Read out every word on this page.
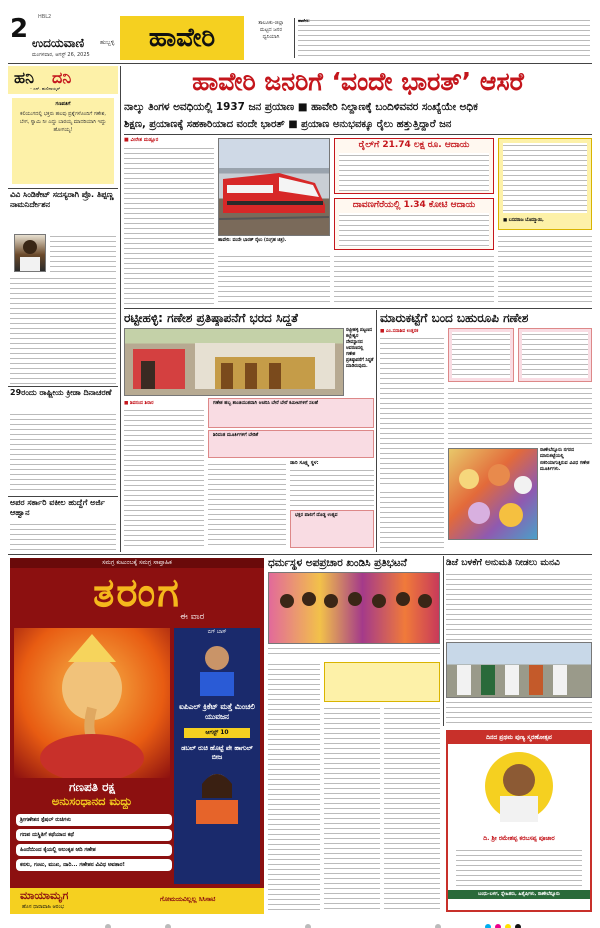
HBL2
2 ಉದಯವಾಣಿ	ಹುಬ್ಬಳ್ಳಿ
ಮಂಗಳವಾರ, ಆಗಸ್ಟ್ 26, 2025
ಹಾವೇರಿ	ತಾಲೂಕು-ಜಿಲ್ಲಾ
ಮಟ್ಟದ ಜನರ
ಧ್ವನಿಯಾಗಿ
ಹಾವೇರಿ:
ಹನಿ ದನಿ
– ಎನ್. ಹುಲಿನಾಯ್ಕರ್
ಗಣಪತಿಗೆ
ಕಲಿಯುಗದಲ್ಲಿ ಭಕ್ತರು ಹಲವು ಪ್ರಶ್ನೆಗಳೊಂದಿಗೆ ಗಣೇಶ, ಬೇಗ, ಸ್ವಾಮಿ ನೀ ಎದ್ದು ಬಾರಯ್ಯ ಮಾದರಿಯಾಗಿ ಇದ್ದು ಹೋಗಯ್ಯ!
ವಿವಿ ಸಿಂಡಿಕೇಟ್ ಸದಸ್ಯರಾಗಿ ಪ್ರೊ. ತಿಪ್ಪಣ್ಣ ನಾಮನಿರ್ದೇಶನ
29ರಂದು ರಾಷ್ಟ್ರೀಯ ಕ್ರೀಡಾ ದಿನಾಚರಣೆ
ಅಪರ ಸರ್ಕಾರಿ ವಕೀಲ ಹುದ್ದೆಗೆ ಅರ್ಜಿ ಆಹ್ವಾನ
ಹಾವೇರಿ ಜನರಿಗೆ ‘ವಂದೇ ಭಾರತ್’ ಆಸರೆ
ನಾಲ್ಕು ತಿಂಗಳ ಅವಧಿಯಲ್ಲಿ 1937 ಜನ ಪ್ರಯಾಣ ■ ಹಾವೇರಿ ನಿಲ್ದಾಣಕ್ಕೆ ಬಂದಿಳಿವವರ ಸಂಖ್ಯೆಯೇ ಅಧಿಕ
ಶಿಕ್ಷಣ, ಪ್ರಯಾಣಕ್ಕೆ ಸಹಕಾರಿಯಾದ ವಂದೇ ಭಾರತ್ ■ ಪ್ರಯಾಣ ಅನುಭವಕ್ಕೂ ರೈಲು ಹತ್ತುತ್ತಿದ್ದಾರೆ ಜನ
■ ವೀರೇಶ ಮಡ್ಲೂರ
ಹಾವೇರಿ: ವಂದೇ ಭಾರತ್ ರೈಲು (ಸಂಗ್ರಹ ಚಿತ್ರ).
ರೈಲ್‌ಗೆ 21.74 ಲಕ್ಷ ರೂ. ಆದಾಯ
ದಾವಣಗೆರೆಯಲ್ಲಿ 1.34 ಕೋಟಿ ಆದಾಯ
■ ಬಸವರಾಜ ಬೊಮ್ಮಾಯಿ,
ರಟ್ಟೀಹಳ್ಳಿ: ಗಣೇಶ ಪ್ರತಿಷ್ಠಾಪನೆಗೆ ಭರದ ಸಿದ್ಧತೆ
ರಟ್ಟೀಹಳ್ಳಿ ಪಟ್ಟಣದ ಕಲ್ಲೇಶ್ವರ ದೇವಸ್ಥಾನದ ಆವರಣದಲ್ಲಿ ಗಣೇಶ ಪ್ರತಿಷ್ಠಾಪನೆಗೆ ಸಿದ್ಧತೆ ಮಾಡಿರುವುದು.
■ ಶಿವನಂದ ಶಿರಾರ	ಗಣೇಶ ಹಬ್ಬ ಶಾಂತಿಯುತವಾಗಿ ಆಚರಿಸಿ ಬೇರೆ ಬೇರೆ ಕಮೀಟಿಗಳಿಗೆ ಸಲಹೆ
ಶಿರಿವಂತ ಮೂರ್ತಿಗಳಿಗೆ ಬೇಡಿಕೆ
ಡಾರಿ ಸೂಕ್ಷ್ಮ ಸ್ಥಳ:
ಭಕ್ತರ ಪಾಲಿಗೆ ದೊಡ್ಡ ಉತ್ಸವ
ಮಾರುಕಟ್ಟೆಗೆ ಬಂದ ಬಹುರೂಪಿ ಗಣೇಶ
■ ಎಂ.ಸದಾಶಿವ ಉತ್ತರಕ
ರಾಣೇಬೆನ್ನೂರು ನಗರದ ಮಾರುಕಟ್ಟೆಯಲ್ಲಿ ಬಿಕರಿಯಾಗುತ್ತಿರುವ ವಿವಿಧ ಗಣೇಶ ಮೂರ್ತಿಗಳು.
ಸಮಗ್ರ ಕುಟುಂಬಕ್ಕೆ ಸಮಗ್ರ ಸಾಪ್ತಾಹಿಕ
ತರಂಗ
ಈ ವಾರ
ಗಣಪತಿ ರಕ್ಷ
ಅನುಸಂಧಾನದ ಮದ್ದು
ಶ್ರೀಗಣೇಶನ ಸ್ಪೆಷಲ್ ರುಚಿಗಳು
ಗಣಪ ದುಸ್ಥಿತಿಗೆ ಕಥೆಯಾದ ಕಥೆ
ಹಿಂದೆಯಿಂದ ಕೈಯಲ್ಲಿ ಅಲಂಕೃತ ಆದಿ ಗಣೇಶ
ಕನಸು, ಗಂಟು, ಮುಖ, ದಾರಿ... ಗಣೇಶನ ವಿವಿಧ ಅವತಾರ!
ಬಿಗ್ ಬಾಸ್
ಐಪಿಎಲ್ ಕ್ರಿಕೆಟ್ ಮತ್ತೆ ಮಿಂಚಲಿ ಯುವಜನ
ಆಗಸ್ಟ್ 10
ಡಬಲ್ ರುಚಿ ಹೊಟ್ಟೆ ಪೇ ಹಾಗುಲ್ ಬೀಜ
ಮಾಯಾಮೃಗ
ಹೊಸ ಧಾರಾವಾಹಿ ಆರಂಭ
ಗೋಮಯವಿಲ್ಲಲ್ಲ ಸಿಸಿಸಾಟಿ
ಧರ್ಮಸ್ಥಳ ಅಪಪ್ರಚಾರ ಖಂಡಿಸಿ ಪ್ರತಿಭಟನೆ	ಡಿಜೆ ಬಳಕೆಗೆ ಅನುಮತಿ ನೀಡಲು ಮನವಿ
ದಿನದ ಪ್ರಥಮ ಪುಣ್ಯ ಸ್ಮರಣೋತ್ಸವ
ದಿ. ಶ್ರೀ ರಮೇಶಪ್ಪ ಕರಬಸಪ್ಪ ಪೂಜಾರ
ಬಂಧು-ಬಳಗ, ಸ್ನೇಹಿತರು, ಹಿತೈಷಿಗಳು, ರಾಣೇಬೆನ್ನೂರು
